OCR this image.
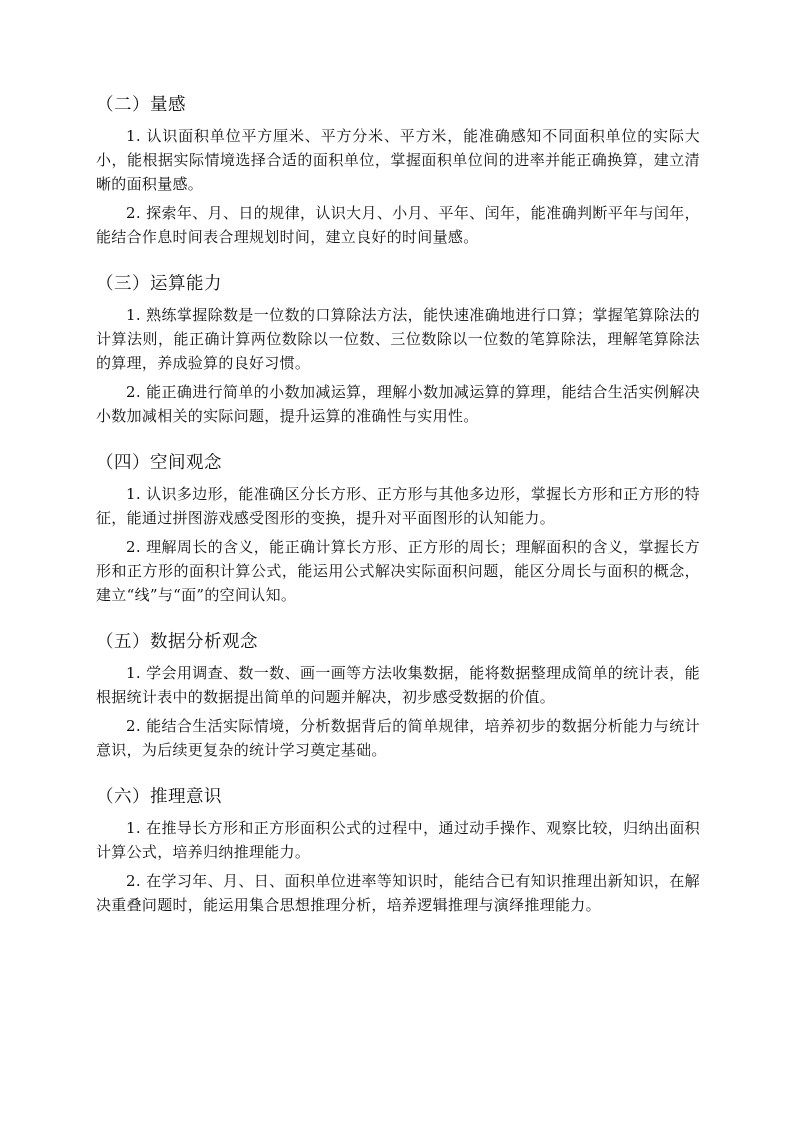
（二）量感

1. 认识面积单位平方厘米、平方分米、平方米，能准确感知不同面积单位的实际大小，能根据实际情境选择合适的面积单位，掌握面积单位间的进率并能正确换算，建立清晰的面积量感。

2. 探索年、月、日的规律，认识大月、小月、平年、闰年，能准确判断平年与闰年，能结合作息时间表合理规划时间，建立良好的时间量感。

（三）运算能力

1. 熟练掌握除数是一位数的口算除法方法，能快速准确地进行口算；掌握笔算除法的计算法则，能正确计算两位数除以一位数、三位数除以一位数的笔算除法，理解笔算除法的算理，养成验算的良好习惯。

2. 能正确进行简单的小数加减运算，理解小数加减运算的算理，能结合生活实例解决小数加减相关的实际问题，提升运算的准确性与实用性。

（四）空间观念

1. 认识多边形，能准确区分长方形、正方形与其他多边形，掌握长方形和正方形的特征，能通过拼图游戏感受图形的变换，提升对平面图形的认知能力。

2. 理解周长的含义，能正确计算长方形、正方形的周长；理解面积的含义，掌握长方形和正方形的面积计算公式，能运用公式解决实际面积问题，能区分周长与面积的概念，建立“线”与“面”的空间认知。

（五）数据分析观念

1. 学会用调查、数一数、画一画等方法收集数据，能将数据整理成简单的统计表，能根据统计表中的数据提出简单的问题并解决，初步感受数据的价值。

2. 能结合生活实际情境，分析数据背后的简单规律，培养初步的数据分析能力与统计意识，为后续更复杂的统计学习奠定基础。

（六）推理意识

1. 在推导长方形和正方形面积公式的过程中，通过动手操作、观察比较，归纳出面积计算公式，培养归纳推理能力。

2. 在学习年、月、日、面积单位进率等知识时，能结合已有知识推理出新知识，在解决重叠问题时，能运用集合思想推理分析，培养逻辑推理与演绎推理能力。
